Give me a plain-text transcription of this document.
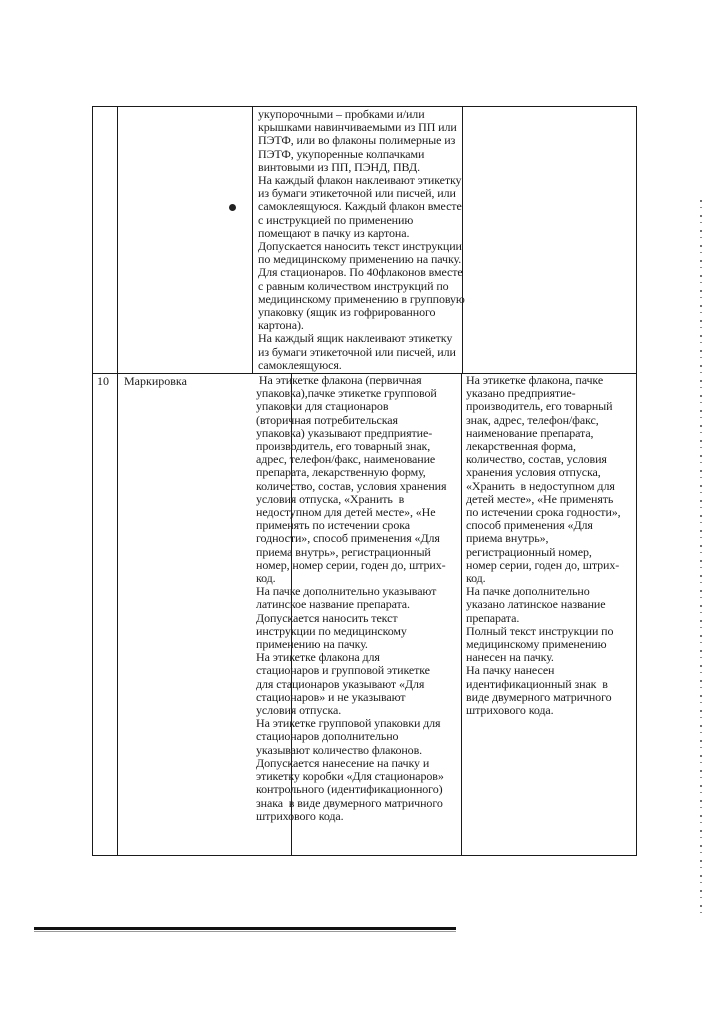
укупорочными – пробками и/или
крышками навинчиваемыми из ПП или
ПЭТФ, или во флаконы полимерные из
ПЭТФ, укупоренные колпачками
винтовыми из ПП, ПЭНД, ПВД.
На каждый флакон наклеивают этикетку
из бумаги этикеточной или писчей, или
самоклеящуюся. Каждый флакон вместе
с инструкцией по применению
помещают в пачку из картона.
Допускается наносить текст инструкции
по медицинскому применению на пачку.
Для стационаров. По 40флаконов вместе
с равным количеством инструкций по
медицинскому применению в групповую
упаковку (ящик из гофрированного
картона).
На каждый ящик наклеивают этикетку
из бумаги этикеточной или писчей, или
самоклеящуюся.
10 Маркировка	На этикетке флакона (первичная
упаковка),пачке этикетке групповой
упаковки для стационаров
(вторичная потребительская
упаковка) указывают предприятие-
производитель, его товарный знак,
адрес, телефон/факс, наименование
препарата, лекарственную форму,
количество, состав, условия хранения
условия отпуска, «Хранить  в
недоступном для детей месте», «Не
применять по истечении срока
годности», способ применения «Для
приема внутрь», регистрационный
номер, номер серии, годен до, штрих-
код.
На пачке дополнительно указывают
латинское название препарата.
Допускается наносить текст
инструкции по медицинскому
применению на пачку.
На этикетке флакона для
стационаров и групповой этикетке
для стационаров указывают «Для
стационаров» и не указывают
условия отпуска.
На этикетке групповой упаковки для
стационаров дополнительно
указывают количество флаконов.
Допускается нанесение на пачку и
этикетку коробки «Для стационаров»
контрольного (идентификационного)
знака  в виде двумерного матричного
штрихового кода.
На этикетке флакона, пачке
указано предприятие-
производитель, его товарный
знак, адрес, телефон/факс,
наименование препарата,
лекарственная форма,
количество, состав, условия
хранения условия отпуска,
«Хранить  в недоступном для
детей месте», «Не применять
по истечении срока годности»,
способ применения «Для
приема внутрь»,
регистрационный номер,
номер серии, годен до, штрих-
код.
На пачке дополнительно
указано латинское название
препарата.
Полный текст инструкции по
медицинскому применению
нанесен на пачку.
На пачку нанесен
идентификационный знак  в
виде двумерного матричного
штрихового кода.
